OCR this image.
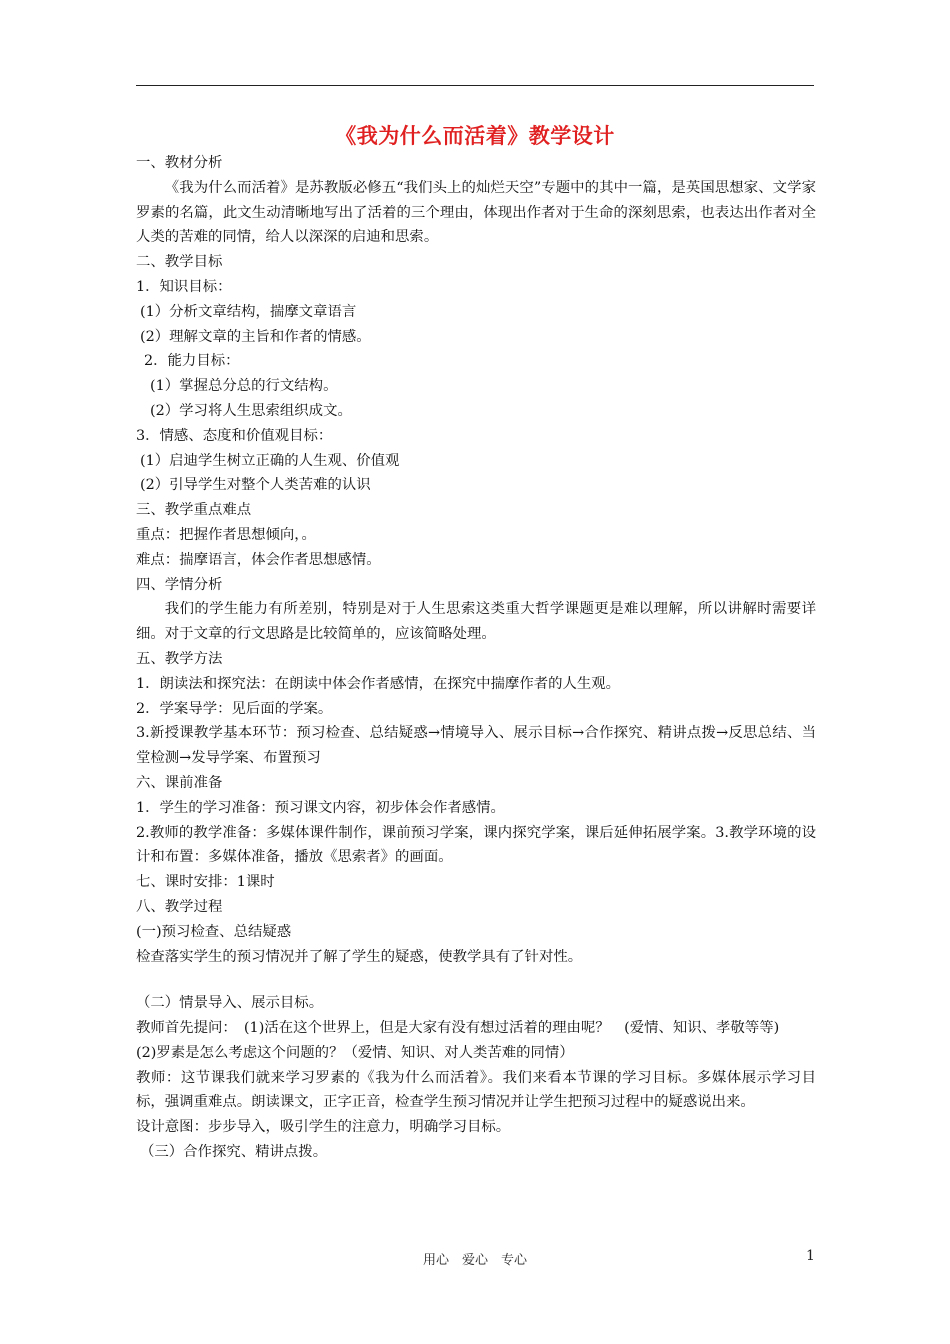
《我为什么而活着》教学设计

一、教材分析

《我为什么而活着》是苏教版必修五“我们头上的灿烂天空”专题中的其中一篇，是英国思想家、文学家罗素的名篇，此文生动清晰地写出了活着的三个理由，体现出作者对于生命的深刻思索，也表达出作者对全人类的苦难的同情，给人以深深的启迪和思索。

二、教学目标

1．知识目标：

(1）分析文章结构，揣摩文章语言

(2）理解文章的主旨和作者的情感。

2．能力目标：

(1）掌握总分总的行文结构。

(2）学习将人生思索组织成文。

3．情感、态度和价值观目标：

(1）启迪学生树立正确的人生观、价值观

(2）引导学生对整个人类苦难的认识

三、教学重点难点

重点：把握作者思想倾向，。

难点：揣摩语言，体会作者思想感情。

四、学情分析

我们的学生能力有所差别，特别是对于人生思索这类重大哲学课题更是难以理解，所以讲解时需要详细。对于文章的行文思路是比较简单的，应该简略处理。

五、教学方法

1．朗读法和探究法：在朗读中体会作者感情，在探究中揣摩作者的人生观。

2．学案导学：见后面的学案。

3.新授课教学基本环节：预习检查、总结疑惑→情境导入、展示目标→合作探究、精讲点拨→反思总结、当堂检测→发导学案、布置预习

六、课前准备

1．学生的学习准备：预习课文内容，初步体会作者感情。

2.教师的教学准备：多媒体课件制作，课前预习学案，课内探究学案，课后延伸拓展学案。3.教学环境的设计和布置：多媒体准备，播放《思索者》的画面。

七、课时安排：1课时

八、教学过程

(一)预习检查、总结疑惑

检查落实学生的预习情况并了解了学生的疑惑，使教学具有了针对性。

（二）情景导入、展示目标。

教师首先提问：　(1)活在这个世界上，但是大家有没有想过活着的理由呢？　(爱情、知识、孝敬等等)

(2)罗素是怎么考虑这个问题的？（爱情、知识、对人类苦难的同情）

教师：这节课我们就来学习罗素的《我为什么而活着》。我们来看本节课的学习目标。多媒体展示学习目标，强调重难点。朗读课文，正字正音，检查学生预习情况并让学生把预习过程中的疑惑说出来。

设计意图：步步导入，吸引学生的注意力，明确学习目标。

（三）合作探究、精讲点拨。

用心　爱心　专心	1
